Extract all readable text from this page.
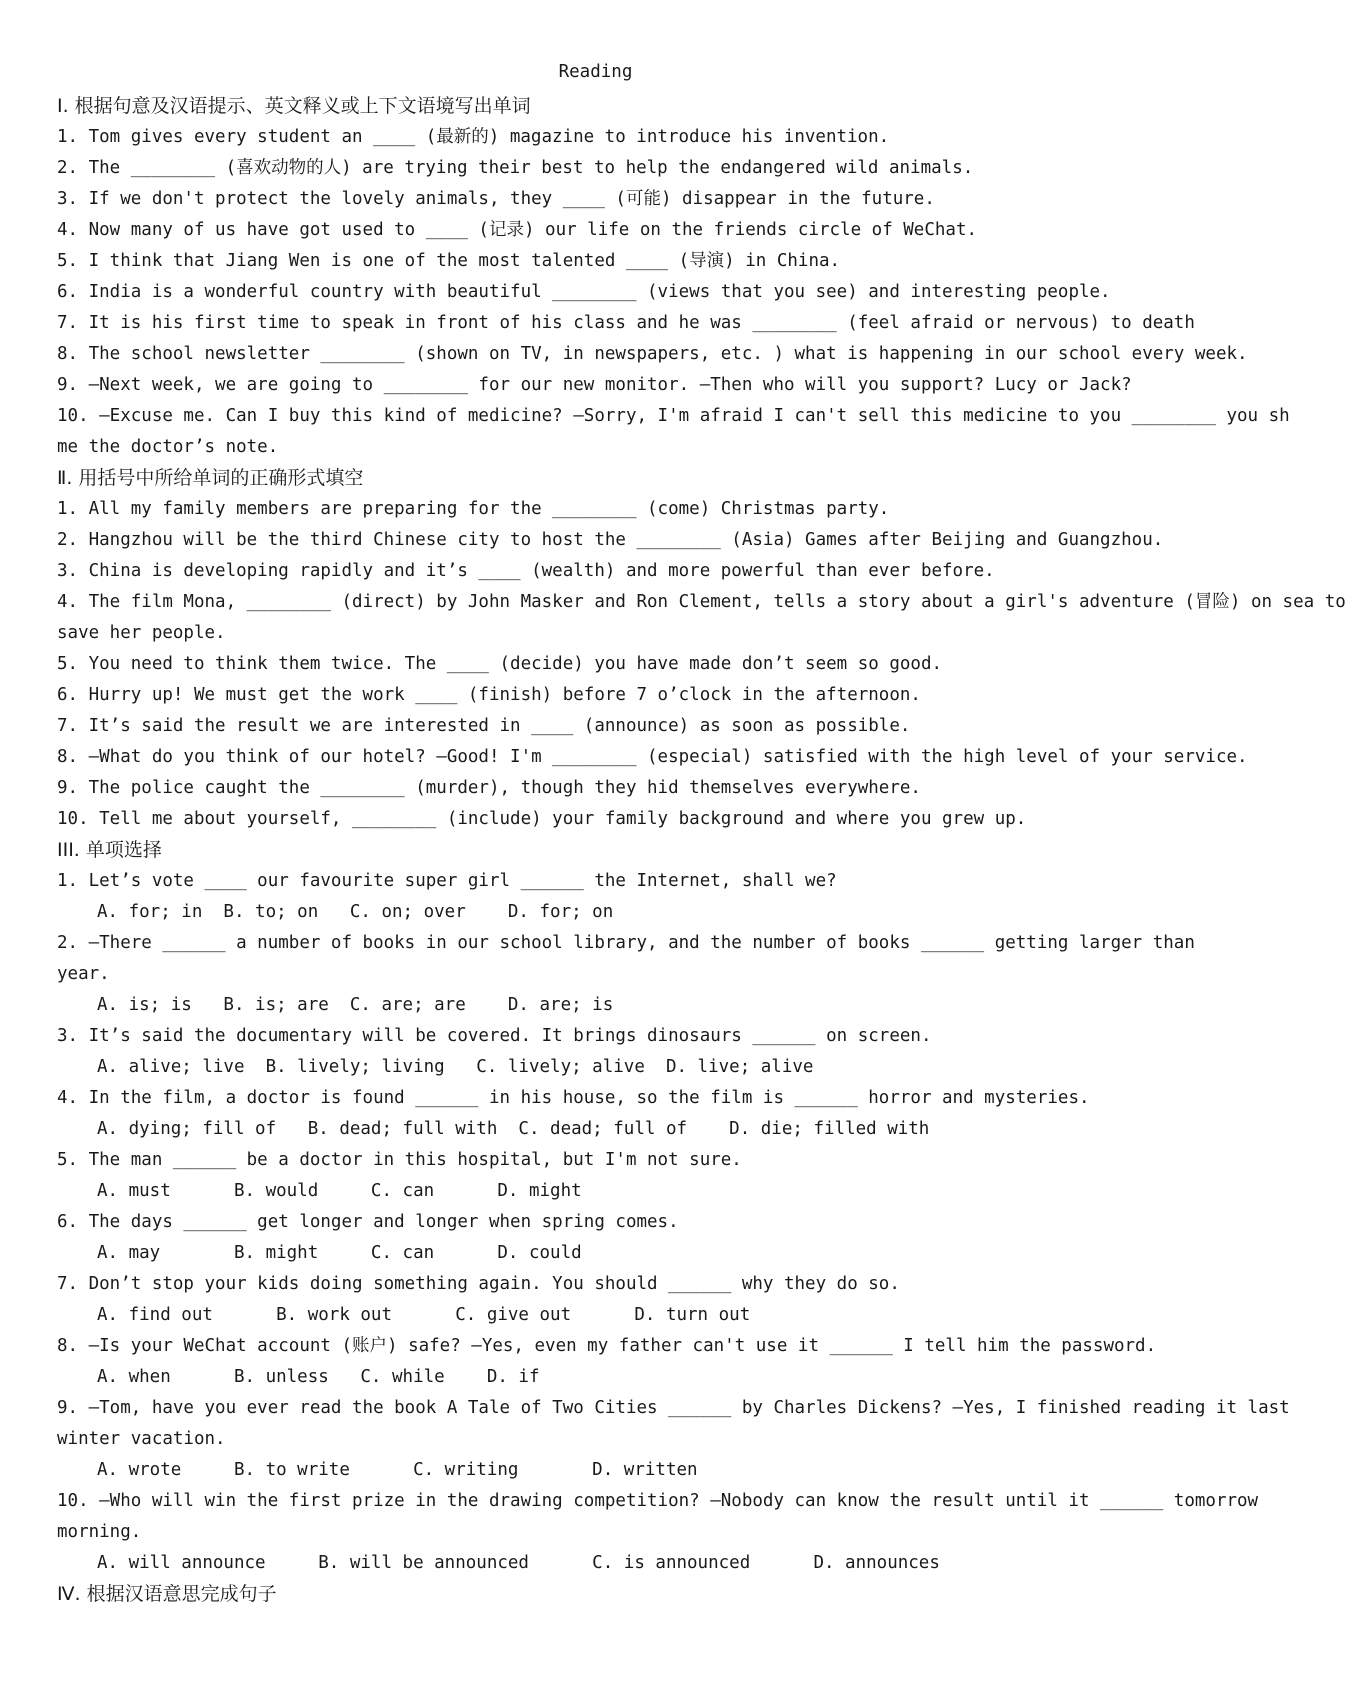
Reading
Ⅰ. 根据句意及汉语提示、英文释义或上下文语境写出单词
1. Tom gives every student an ____ (最新的) magazine to introduce his invention.
2. The ________ (喜欢动物的人) are trying their best to help the endangered wild animals.
3. If we don't protect the lovely animals, they ____ (可能) disappear in the future.
4. Now many of us have got used to ____ (记录) our life on the friends circle of WeChat.
5. I think that Jiang Wen is one of the most talented ____ (导演) in China.
6. India is a wonderful country with beautiful ________ (views that you see) and interesting people.
7. It is his first time to speak in front of his class and he was ________ (feel afraid or nervous) to death
8. The school newsletter ________ (shown on TV, in newspapers, etc. ) what is happening in our school every week.
9. —Next week, we are going to ________ for our new monitor. —Then who will you support? Lucy or Jack?
10. —Excuse me. Can I buy this kind of medicine? —Sorry, I'm afraid I can't sell this medicine to you ________ you sh
me the doctor’s note.
Ⅱ. 用括号中所给单词的正确形式填空
1. All my family members are preparing for the ________ (come) Christmas party.
2. Hangzhou will be the third Chinese city to host the ________ (Asia) Games after Beijing and Guangzhou.
3. China is developing rapidly and it’s ____ (wealth) and more powerful than ever before.
4. The film Mona, ________ (direct) by John Masker and Ron Clement, tells a story about a girl's adventure (冒险) on sea to
save her people.
5. You need to think them twice. The ____ (decide) you have made don’t seem so good.
6. Hurry up! We must get the work ____ (finish) before 7 o’clock in the afternoon.
7. It’s said the result we are interested in ____ (announce) as soon as possible.
8. —What do you think of our hotel? —Good! I'm ________ (especial) satisfied with the high level of your service.
9. The police caught the ________ (murder), though they hid themselves everywhere.
10. Tell me about yourself, ________ (include) your family background and where you grew up.
III. 单项选择
1. Let’s vote ____ our favourite super girl ______ the Internet, shall we?
A. for; in  B. to; on   C. on; over    D. for; on
2. —There ______ a number of books in our school library, and the number of books ______ getting larger than
year.
A. is; is   B. is; are  C. are; are    D. are; is
3. It’s said the documentary will be covered. It brings dinosaurs ______ on screen.
A. alive; live  B. lively; living   C. lively; alive  D. live; alive
4. In the film, a doctor is found ______ in his house, so the film is ______ horror and mysteries.
A. dying; fill of   B. dead; full with  C. dead; full of    D. die; filled with
5. The man ______ be a doctor in this hospital, but I'm not sure.
A. must      B. would     C. can      D. might
6. The days ______ get longer and longer when spring comes.
A. may       B. might     C. can      D. could
7. Don’t stop your kids doing something again. You should ______ why they do so.
A. find out      B. work out      C. give out      D. turn out
8. —Is your WeChat account (账户) safe? —Yes, even my father can't use it ______ I tell him the password.
A. when      B. unless   C. while    D. if
9. —Tom, have you ever read the book A Tale of Two Cities ______ by Charles Dickens? —Yes, I finished reading it last
winter vacation.
A. wrote     B. to write      C. writing       D. written
10. —Who will win the first prize in the drawing competition? —Nobody can know the result until it ______ tomorrow
morning.
A. will announce     B. will be announced      C. is announced      D. announces
Ⅳ. 根据汉语意思完成句子
